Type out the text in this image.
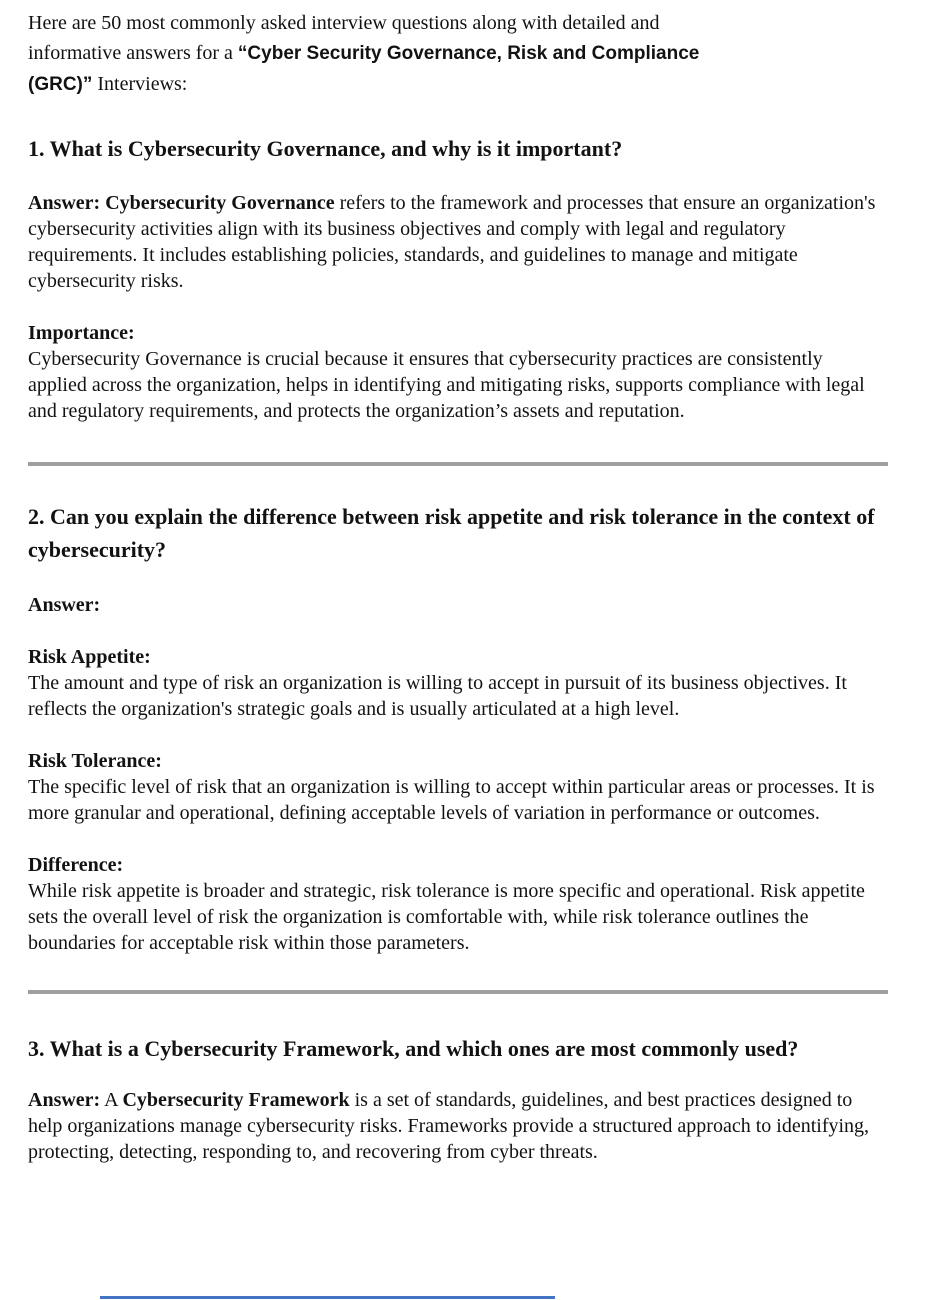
Here are 50 most commonly asked interview questions along with detailed and
informative answers for a “Cyber Security Governance, Risk and Compliance
(GRC)” Interviews:

1. What is Cybersecurity Governance, and why is it important?

Answer: Cybersecurity Governance refers to the framework and processes that ensure an organization's cybersecurity activities align with its business objectives and comply with legal and regulatory requirements. It includes establishing policies, standards, and guidelines to manage and mitigate cybersecurity risks.

Importance:
Cybersecurity Governance is crucial because it ensures that cybersecurity practices are consistently applied across the organization, helps in identifying and mitigating risks, supports compliance with legal and regulatory requirements, and protects the organization’s assets and reputation.

2. Can you explain the difference between risk appetite and risk tolerance in the context of cybersecurity?

Answer:

Risk Appetite:
The amount and type of risk an organization is willing to accept in pursuit of its business objectives. It reflects the organization's strategic goals and is usually articulated at a high level.

Risk Tolerance:
The specific level of risk that an organization is willing to accept within particular areas or processes. It is more granular and operational, defining acceptable levels of variation in performance or outcomes.

Difference:
While risk appetite is broader and strategic, risk tolerance is more specific and operational. Risk appetite sets the overall level of risk the organization is comfortable with, while risk tolerance outlines the boundaries for acceptable risk within those parameters.

3. What is a Cybersecurity Framework, and which ones are most commonly used?

Answer: A Cybersecurity Framework is a set of standards, guidelines, and best practices designed to help organizations manage cybersecurity risks. Frameworks provide a structured approach to identifying, protecting, detecting, responding to, and recovering from cyber threats.
